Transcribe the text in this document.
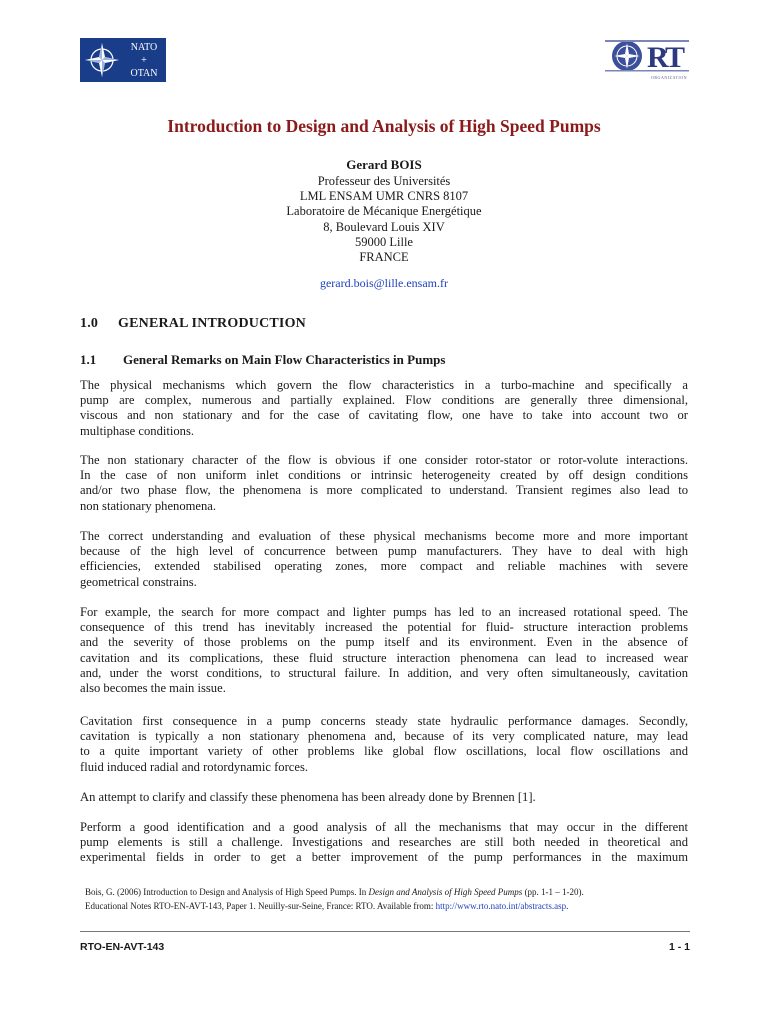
NATO
+
OTAN	R
T
ORGANIZATION
Introduction to Design and Analysis of High Speed Pumps
Gerard BOIS
Professeur des Universités
LML ENSAM UMR CNRS 8107
Laboratoire de Mécanique Energétique
8, Boulevard Louis XIV
59000 Lille
FRANCE
gerard.bois@lille.ensam.fr
1.0 GENERAL INTRODUCTION
1.1 General Remarks on Main Flow Characteristics in Pumps
The physical mechanisms which govern the flow characteristics in a turbo-machine and specifically a
pump are complex, numerous and partially explained. Flow conditions are generally three dimensional,
viscous and non stationary and for the case of cavitating flow, one have to take into account two or
multiphase conditions.
The non stationary character of the flow is obvious if one consider rotor-stator or rotor-volute interactions.
In the case of non uniform inlet conditions or intrinsic heterogeneity created by off design conditions
and/or two phase flow, the phenomena is more complicated to understand. Transient regimes also lead to
non stationary phenomena.
The correct understanding and evaluation of these physical mechanisms become more and more important
because of the high level of concurrence between pump manufacturers. They have to deal with high
efficiencies, extended stabilised operating zones, more compact and reliable machines with severe
geometrical constrains.
For example, the search for more compact and lighter pumps has led to an increased rotational speed. The
consequence of this trend has inevitably increased the potential for fluid- structure interaction problems
and the severity of those problems on the pump itself and its environment. Even in the absence of
cavitation and its complications, these fluid structure interaction phenomena can lead to increased wear
and, under the worst conditions, to structural failure. In addition, and very often simultaneously, cavitation
also becomes the main issue.
Cavitation first consequence in a pump concerns steady state hydraulic performance damages. Secondly,
cavitation is typically a non stationary phenomena and, because of its very complicated nature, may lead
to a quite important variety of other problems like global flow oscillations, local flow oscillations and
fluid induced radial and rotordynamic forces.
An attempt to clarify and classify these phenomena has been already done by Brennen [1].
Perform a good identification and a good analysis of all the mechanisms that may occur in the different
pump elements is still a challenge. Investigations and researches are still both needed in theoretical and
experimental fields in order to get a better improvement of the pump performances in the maximum
Bois, G. (2006) Introduction to Design and Analysis of High Speed Pumps. In Design and Analysis of High Speed Pumps (pp. 1-1 – 1-20).
Educational Notes RTO-EN-AVT-143, Paper 1. Neuilly-sur-Seine, France: RTO. Available from: http://www.rto.nato.int/abstracts.asp.
RTO-EN-AVT-143	1 - 1
